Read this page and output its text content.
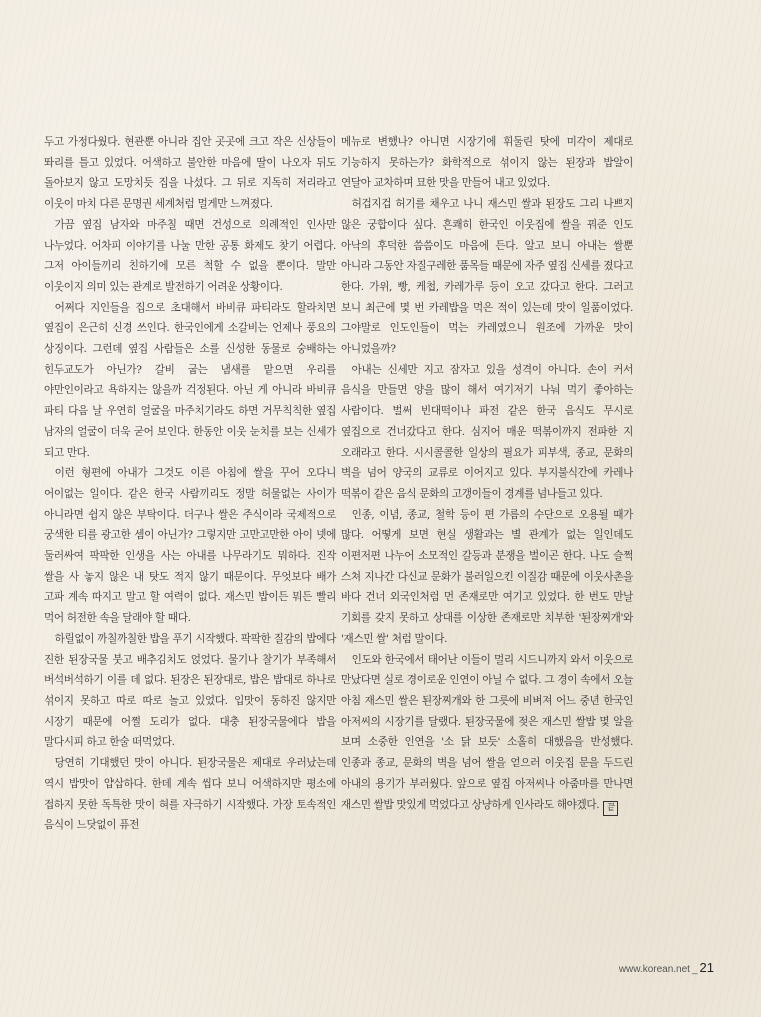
두고 가정다웠다. 현관뿐 아니라 집안 곳곳에 크고 작은 신상들이 똬리를 틀고 있었다. 어색하고 불안한 마음에 딸이 나오자 뒤도 돌아보지 않고 도망치듯 집을 나섰다. 그 뒤로 지독히 저리라고 이웃이 마치 다른 문명권 세계처럼 멀게만 느껴졌다.

가끔 옆집 남자와 마주칠 때면 건성으로 의례적인 인사만 나누었다. 어차피 이야기를 나눌 만한 공통 화제도 찾기 어렵다. 그저 아이들끼리 친하기에 모른 척할 수 없을 뿐이다. 말만 이웃이지 의미 있는 관계로 발전하기 어려운 상황이다.

어쩌다 지인들을 집으로 초대해서 바비큐 파티라도 할라치면 옆집이 은근히 신경 쓰인다. 한국인에게 소갈비는 언제나 풍요의 상징이다. 그런데 옆집 사람들은 소를 신성한 동물로 숭배하는 힌두교도가 아닌가? 갈비 굽는 냄새를 맡으면 우리를 야만인이라고 욕하지는 않을까 걱정된다. 아닌 게 아니라 바비큐 파티 다음 날 우연히 얼굴을 마주치기라도 하면 거무칙칙한 옆집 남자의 얼굴이 더욱 굳어 보인다. 한동안 이웃 눈치를 보는 신세가 되고 만다.

이런 형편에 아내가 그것도 이른 아침에 쌀을 꾸어 오다니 어이없는 일이다. 같은 한국 사람끼리도 정말 허물없는 사이가 아니라면 쉽지 않은 부탁이다. 더구나 쌀은 주식이라 국제적으로 궁색한 티를 광고한 셈이 아닌가? 그렇지만 고만고만한 아이 넷에 둘러싸여 팍팍한 인생을 사는 아내를 나무라기도 뭐하다. 진작 쌀을 사 놓지 않은 내 탓도 적지 않기 때문이다. 무엇보다 배가 고파 계속 따지고 말고 할 여력이 없다. 재스민 밥이든 뭐든 빨리 먹어 허전한 속을 달래야 할 때다.

하릴없이 까칠까칠한 밥을 푸기 시작했다. 팍팍한 질감의 밥에다 진한 된장국물 붓고 배추김치도 얹었다. 물기나 찰기가 부족해서 버석버석하기 이를 데 없다. 된장은 된장대로, 밥은 밥대로 하나로 섞이지 못하고 따로 따로 놀고 있었다. 입맛이 동하진 않지만 시장기 때문에 어쩔 도리가 없다. 대충 된장국물에다 밥을 말다시피 하고 한술 떠먹었다.

당연히 기대했던 맛이 아니다. 된장국물은 제대로 우러났는데 역시 밥맛이 얍삽하다. 한데 계속 씹다 보니 어색하지만 평소에 접하지 못한 독특한 맛이 혀를 자극하기 시작했다. 가장 토속적인 음식이 느닷없이 퓨전

메뉴로 변했나? 아니면 시장기에 휘둘린 탓에 미각이 제대로 기능하지 못하는가? 화학적으로 섞이지 않는 된장과 밥알이 연달아 교차하며 묘한 맛을 만들어 내고 있었다.

허겁지겁 허기를 채우고 나니 재스민 쌀과 된장도 그리 나쁘지 않은 궁합이다 싶다. 흔쾌히 한국인 이웃집에 쌀을 꿔준 인도 아낙의 후덕한 씀씀이도 마음에 든다. 알고 보니 아내는 쌀뿐 아니라 그동안 자질구레한 품목들 때문에 자주 옆집 신세를 졌다고 한다. 가위, 빵, 케첩, 카레가루 등이 오고 갔다고 한다. 그러고 보니 최근에 몇 번 카레밥을 먹은 적이 있는데 맛이 일품이었다. 그야말로 인도인들이 먹는 카레였으니 원조에 가까운 맛이 아니었을까?

아내는 신세만 지고 잠자고 있을 성격이 아니다. 손이 커서 음식을 만들면 양을 많이 해서 여기저기 나눠 먹기 좋아하는 사람이다. 벌써 빈대떡이나 파전 같은 한국 음식도 무시로 옆집으로 건너갔다고 한다. 심지어 매운 떡볶이까지 전파한 지 오래라고 한다. 시시콜콜한 일상의 필요가 피부색, 종교, 문화의 벽을 넘어 양국의 교류로 이어지고 있다. 부지불식간에 카레나 떡볶이 같은 음식 문화의 고갱이들이 경계를 넘나들고 있다.

인종, 이념, 종교, 철학 등이 편 가름의 수단으로 오용될 때가 많다. 어떻게 보면 현실 생활과는 별 관계가 없는 일인데도 이편저편 나누어 소모적인 갈등과 분쟁을 벌이곤 한다. 나도 슬쩍 스쳐 지나간 다신교 문화가 불러일으킨 이질감 때문에 이웃사촌을 바다 건너 외국인처럼 먼 존재로만 여기고 있었다. 한 번도 만날 기회를 갖지 못하고 상대를 이상한 존재로만 치부한 '된장찌개'와 '재스민 쌀' 처럼 말이다.

인도와 한국에서 태어난 이들이 멀리 시드니까지 와서 이웃으로 만났다면 실로 경이로운 인연이 아닐 수 없다. 그 경이 속에서 오늘 아침 재스민 쌀은 된장찌개와 한 그릇에 비벼져 어느 중년 한국인 아저씨의 시장기를 달랬다. 된장국물에 젖은 재스민 쌀밥 몇 알을 보며 소중한 인연을 '소 닭 보듯' 소홀히 대했음을 반성했다. 인종과 종교, 문화의 벽을 넘어 쌀을 얻으러 이웃집 문을 두드린 아내의 용기가 부러웠다. 앞으로 옆집 아저씨나 아줌마를 만나면 재스민 쌀밥 맛있게 먹었다고 상냥하게 인사라도 해야겠다. 끝

www.korean.net _ 21
